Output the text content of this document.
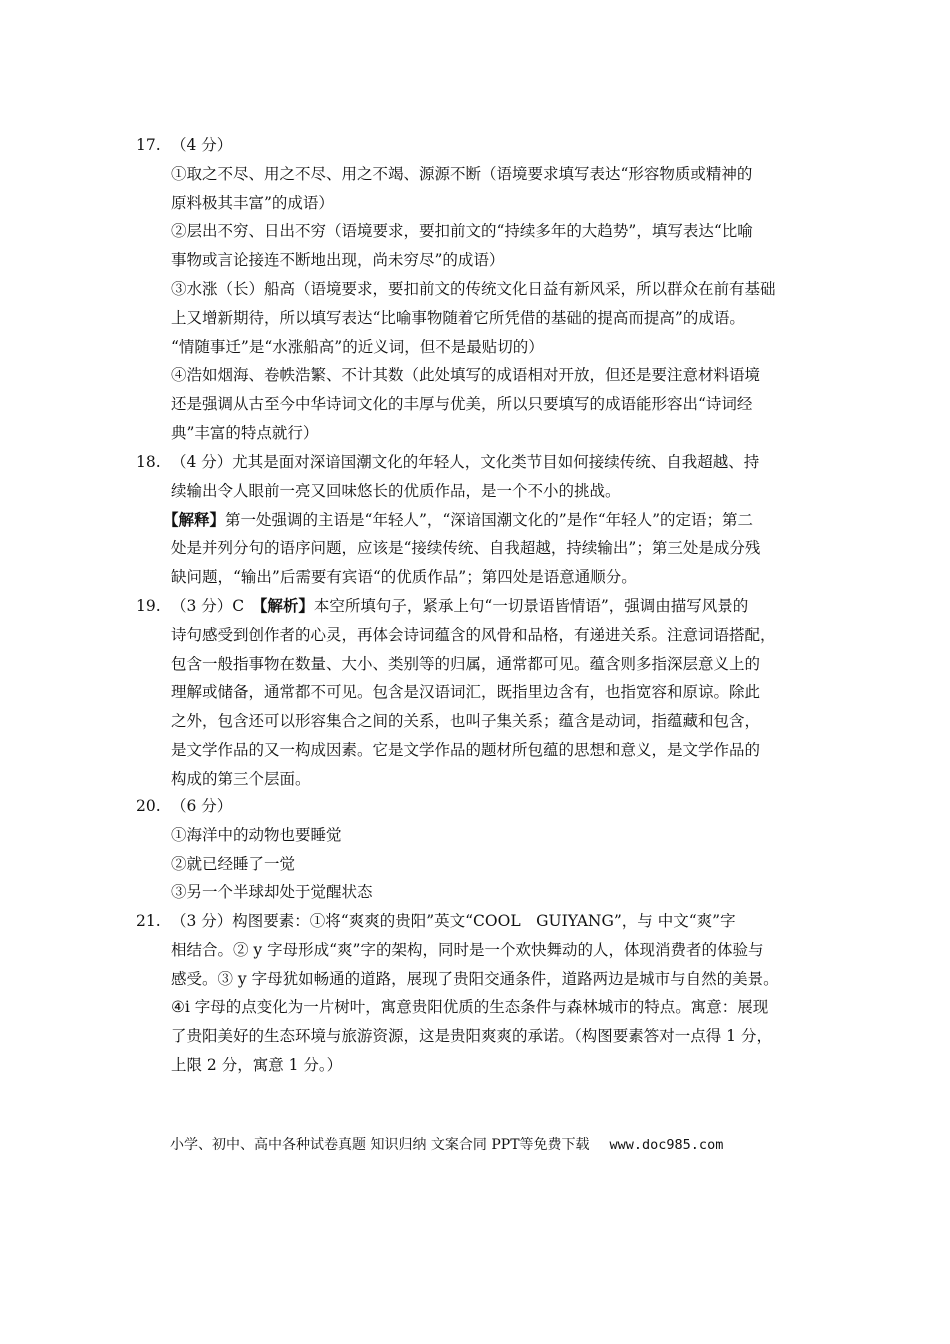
17. （4 分）
①取之不尽、用之不尽、用之不竭、源源不断（语境要求填写表达“形容物质或精神的
原料极其丰富”的成语）
②层出不穷、日出不穷（语境要求，要扣前文的“持续多年的大趋势”，填写表达“比喻
事物或言论接连不断地出现，尚未穷尽”的成语）
③水涨（长）船高（语境要求，要扣前文的传统文化日益有新风采，所以群众在前有基础
上又增新期待，所以填写表达“比喻事物随着它所凭借的基础的提高而提高”的成语。
“情随事迁”是“水涨船高”的近义词，但不是最贴切的）
④浩如烟海、卷帙浩繁、不计其数（此处填写的成语相对开放，但还是要注意材料语境
还是强调从古至今中华诗词文化的丰厚与优美，所以只要填写的成语能形容出“诗词经
典”丰富的特点就行）
18. （4 分）尤其是面对深谙国潮文化的年轻人，文化类节目如何接续传统、自我超越、持
续输出令人眼前一亮又回味悠长的优质作品，是一个不小的挑战。
【解释】第一处强调的主语是“年轻人”，“深谙国潮文化的”是作“年轻人”的定语；第二
处是并列分句的语序问题，应该是“接续传统、自我超越，持续输出”；第三处是成分残
缺问题，“输出”后需要有宾语“的优质作品”；第四处是语意通顺分。
19. （3 分）C　【解析】本空所填句子，紧承上句“一切景语皆情语”，强调由描写风景的
诗句感受到创作者的心灵，再体会诗词蕴含的风骨和品格，有递进关系。注意词语搭配，
包含一般指事物在数量、大小、类别等的归属，通常都可见。蕴含则多指深层意义上的
理解或储备，通常都不可见。包含是汉语词汇，既指里边含有，也指宽容和原谅。除此
之外，包含还可以形容集合之间的关系，也叫子集关系；蕴含是动词，指蕴藏和包含，
是文学作品的又一构成因素。它是文学作品的题材所包蕴的思想和意义，是文学作品的
构成的第三个层面。
20. （6 分）
①海洋中的动物也要睡觉
②就已经睡了一觉
③另一个半球却处于觉醒状态
21. （3 分）构图要素：①将“爽爽的贵阳”英文“COOL　GUIYANG”，与 中文“爽”字
相结合。② y 字母形成“爽”字的架构，同时是一个欢快舞动的人，体现消费者的体验与
感受。③ y 字母犹如畅通的道路，展现了贵阳交通条件，道路两边是城市与自然的美景。
④i 字母的点变化为一片树叶，寓意贵阳优质的生态条件与森林城市的特点。寓意：展现
了贵阳美好的生态环境与旅游资源，这是贵阳爽爽的承诺。（构图要素答对一点得 1 分，
上限 2 分，寓意 1 分。）
小学、初中、高中各种试卷真题 知识归纳 文案合同 PPT等免费下载 www.doc985.com
